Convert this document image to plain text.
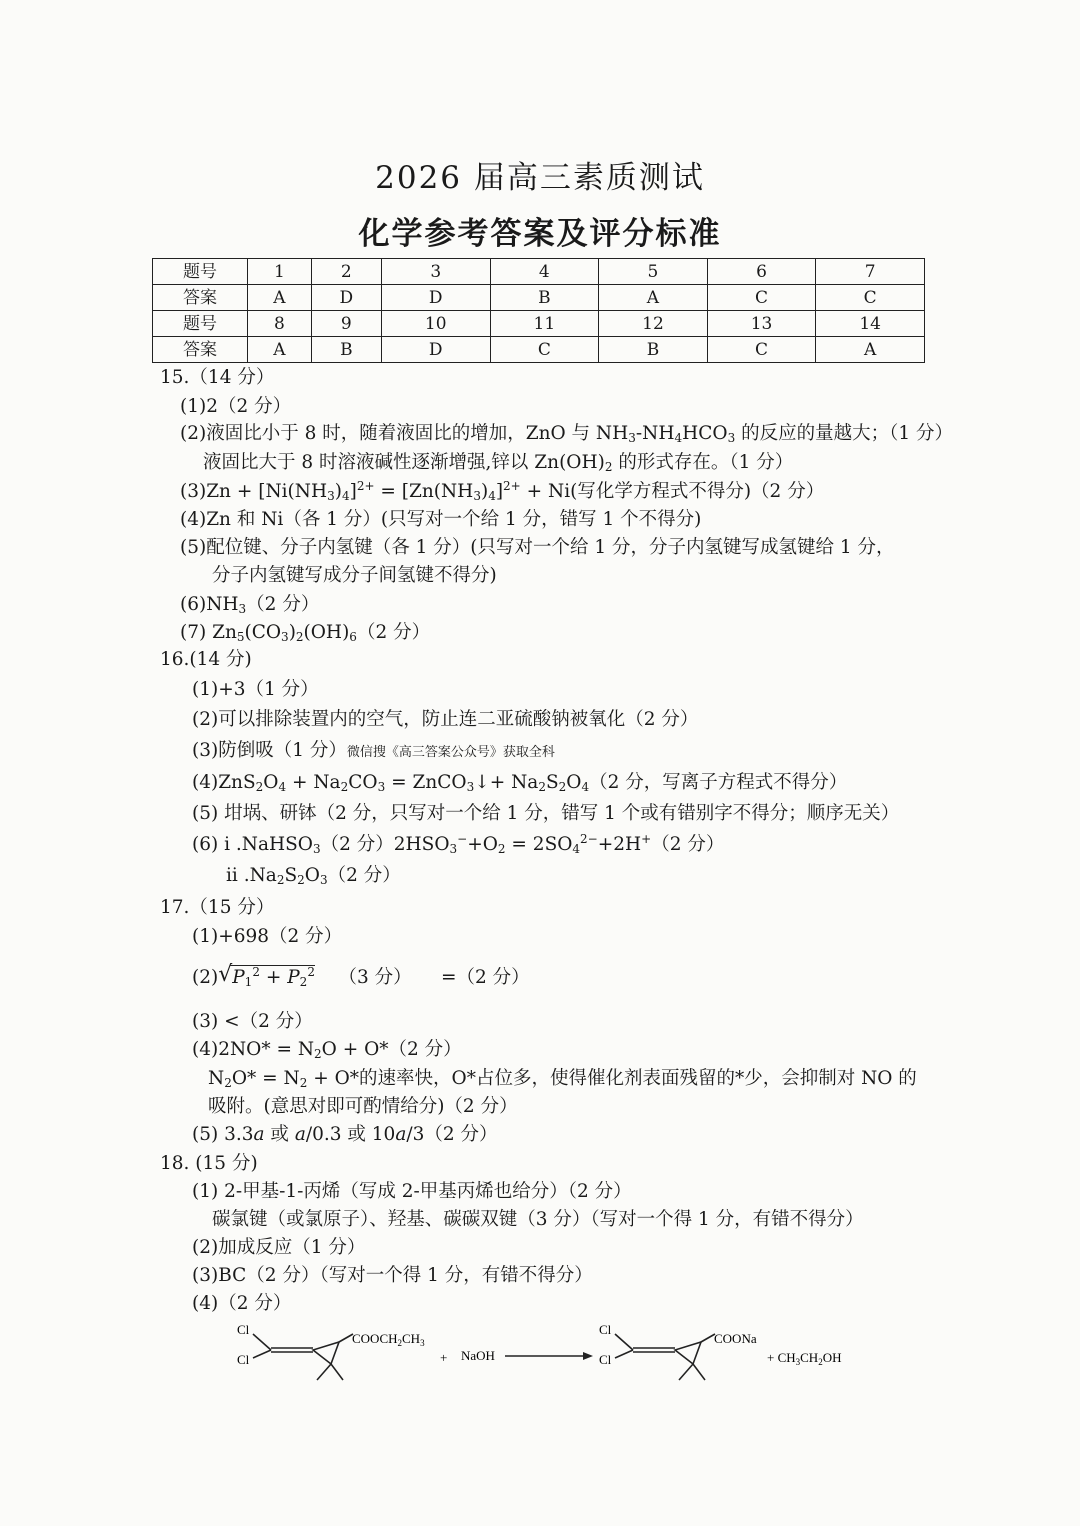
2026 届高三素质测试
化学参考答案及评分标准
题号	1	2	3	4	5	6	7
答案	A	D	D	B	A	C	C
题号	8	9	10	11	12	13	14
答案	A	B	D	C	B	C	A
15.（14 分）
(1)2（2 分）
(2)液固比小于 8 时，随着液固比的增加，ZnO 与 $NH_3-NH_4HCO_3$ 的反应的量越大；（1 分）
液固比大于 8 时溶液碱性逐渐增强,锌以 $Zn(OH)_2$ 的形式存在。（1 分）
$(3)Zn + [Ni(NH_3)_4]^{2+} = [Zn(NH_3)_4]^{2+} + Ni$(写化学方程式不得分)（2 分）
(4)Zn 和 Ni（各 1 分）(只写对一个给 1 分，错写 1 个不得分)
(5)配位键、分子内氢键（各 1 分）(只写对一个给 1 分，分子内氢键写成氢键给 1 分，
分子内氢键写成分子间氢键不得分)
$(6)NH_3(2$ 分）
(7) $Zn_5(CO_3)_2(OH)_6(2$ 分）
16.(14 分)
(1)+3（1 分）
(2)可以排除装置内的空气，防止连二亚硫酸钠被氧化（2 分）
(3)防倒吸（1 分）微信搜《高三答案公众号》获取全科
$(4)ZnS_2O_4 + Na_2CO_3$ = ZnCO$_3$↓+ $Na_2S_2O_4(2$ 分，写离子方程式不得分）
(5) 坩埚、研钵（2 分，只写对一个给 1 分，错写 1 个或有错别字不得分；顺序无关）
(6) i .NaHSO$_3$（2 分）$2HSO_3^-+O_2 = 2SO_4^{2-}+2H^+(2$ 分）
ii $.Na_2S_2O_3(2$ 分）
17.（15 分）
(1)+698（2 分）
(2) √ $P_1^2 + P_2^2$    （3 分）     =（2 分）
(3) <（2 分）
$(4)2NO* = N_2O + O*(2$ 分）
$N_2O* = N_2 + O*$的速率快，O*占位多，使得催化剂表面残留的*少，会抑制对 NO 的
吸附。(意思对即可酌情给分)（2 分）
(5) 3.3a 或 a/0.3 或 10a/3（2 分）
18. (15 分)
(1) 2-甲基-1-丙烯（写成 2-甲基丙烯也给分）（2 分）
碳氯键（或氯原子）、羟基、碳碳双键（3 分）（写对一个得 1 分，有错不得分）
(2)加成反应（1 分）
(3)BC（2 分）（写对一个得 1 分，有错不得分）
(4)（2 分）
Cl
Cl
$COOCH_2CH_3$
+ NaOH
Cl
Cl
COONa
+ $CH_3CH_2OH$
